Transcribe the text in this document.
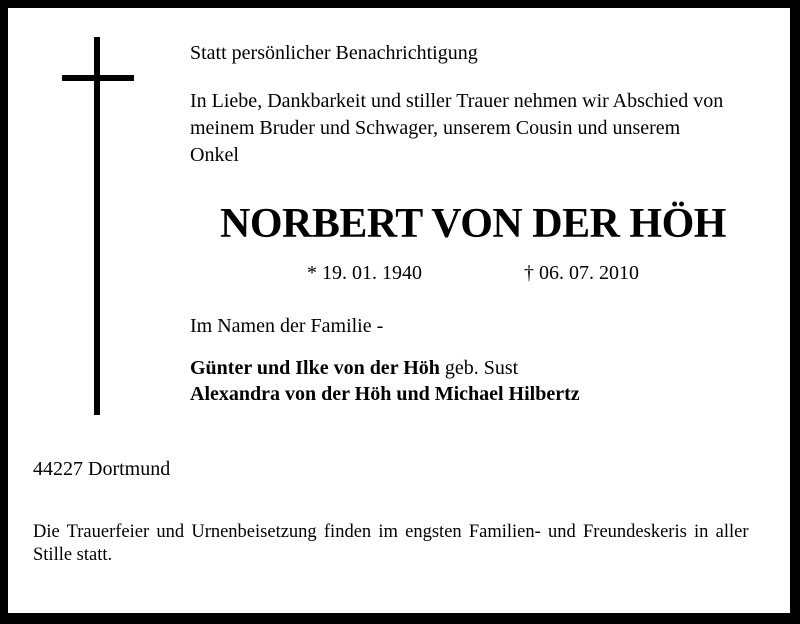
Statt persönlicher Benachrichtigung
In Liebe, Dankbarkeit und stiller Trauer nehmen wir Abschied von
meinem Bruder und Schwager, unserem Cousin und unserem
Onkel
NORBERT VON DER HÖH
* 19. 01. 1940	† 06. 07. 2010
Im Namen der Familie -
Günter und Ilke von der Höh geb. Sust
Alexandra von der Höh und Michael Hilbertz
44227 Dortmund
Die Trauerfeier und Urnenbeisetzung finden im engsten Familien- und Freundeskeris in aller
Stille statt.
